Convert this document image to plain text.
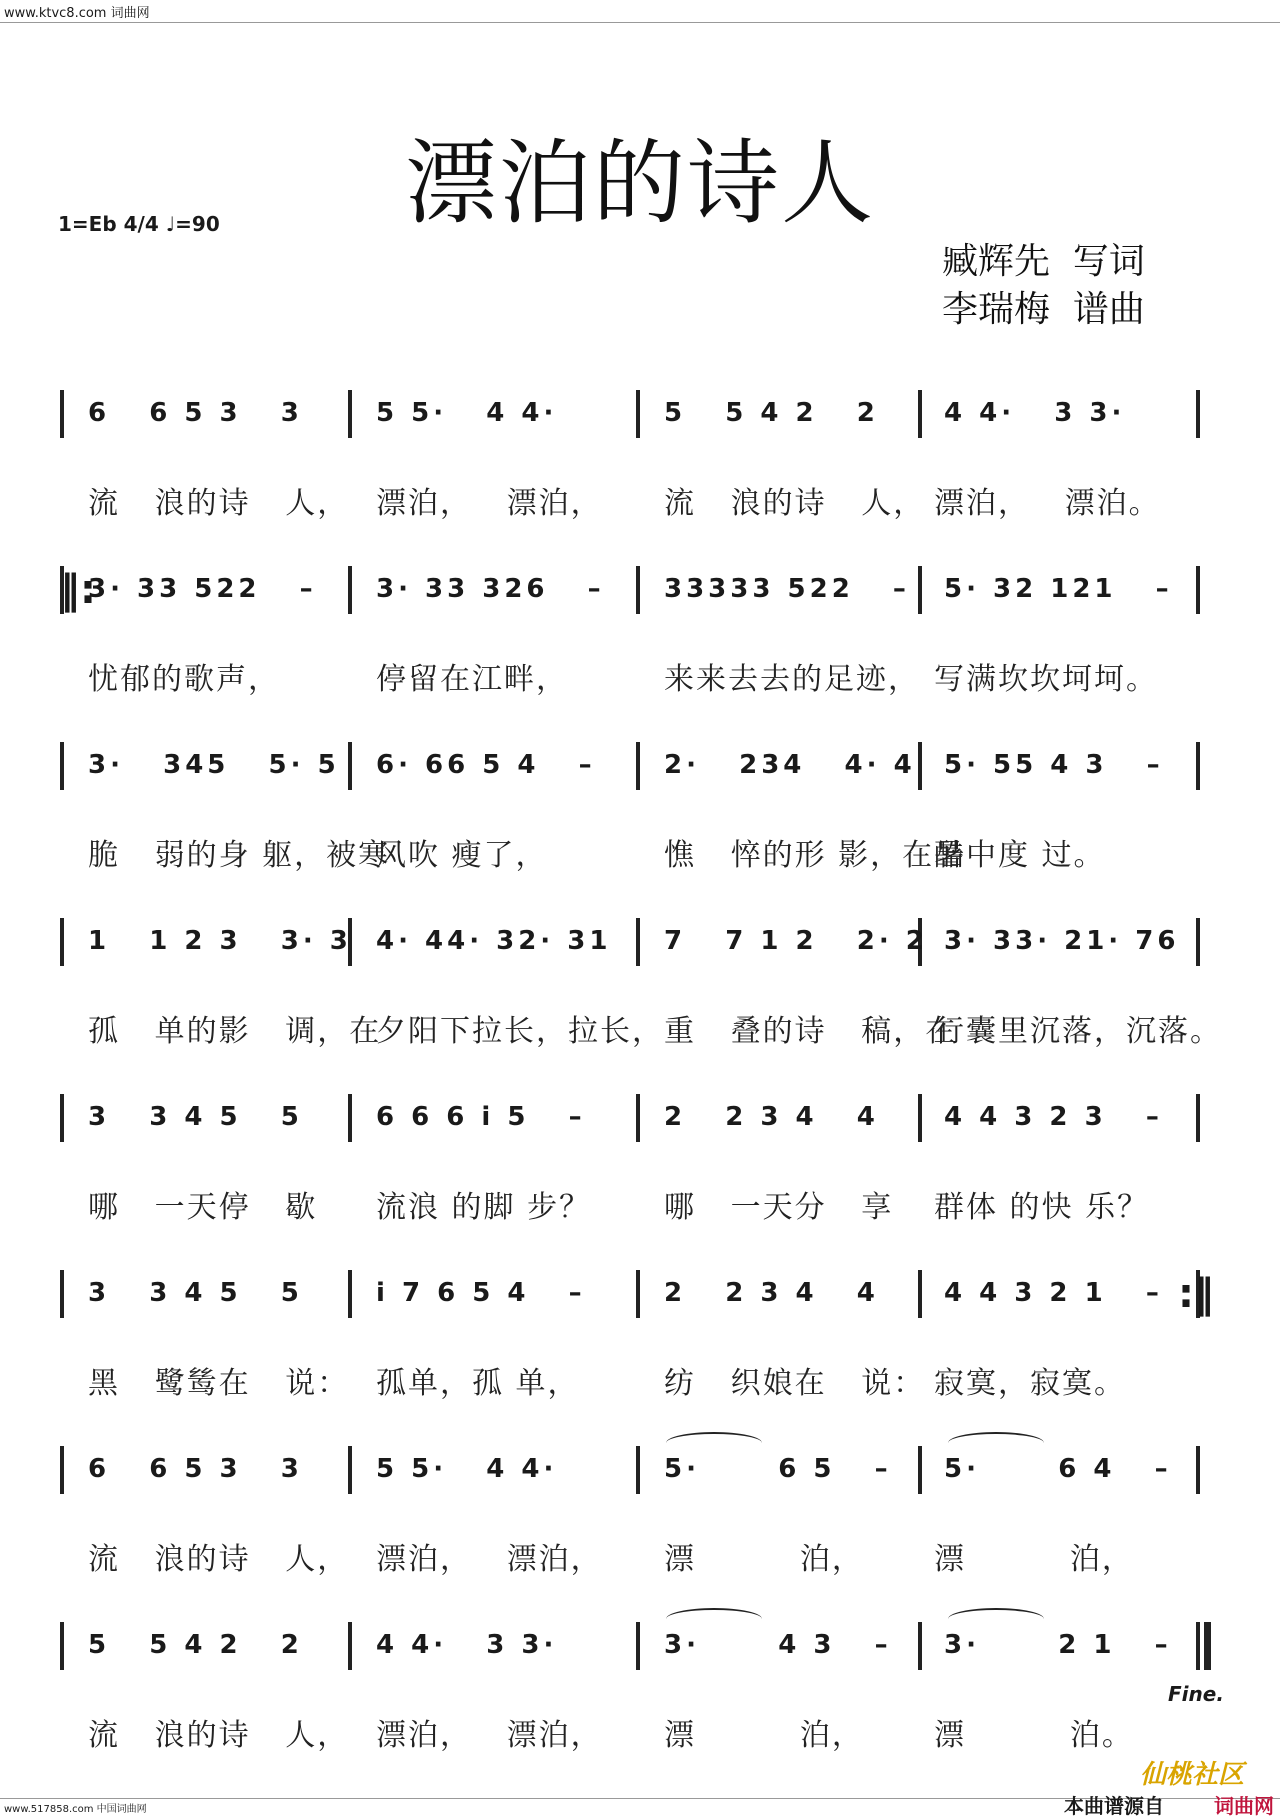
www.ktvc8.com 词曲网
漂泊的诗人
1=Eb 4/4 ♩=90
臧辉先  写词
李瑞梅  谱曲
6   6 5 3   3	5 5·   4 4·	5   5 4 2   2	4 4·   3 3·
流   浪的诗   人， 漂泊，   漂泊， 流   浪的诗   人， 漂泊，   漂泊。
‖:
3· 33 522   – 3· 33 326   – 33333 522   – 5· 32 121   –
忧郁的歌声，	停留在江畔，	来来去去的足迹， 写满坎坎坷坷。
3·   345   5· 5 6· 66 5 4   –	2·   234   4· 4 5· 55 4 3   –
脆   弱的身 躯，被寒
风吹 瘦了，	憔   悴的形 影，在酷
暑中度 过。
1   1 2 3   3· 3 4· 44· 32· 31 7   7 1 2   2· 2 3· 33· 21· 76
孤   单的影   调，在
夕阳下拉长，拉长， 重   叠的诗   稿，在
行囊里沉落，沉落。
3   3 4 5   5	6 6 6 i 5   –	2   2 3 4   4	4 4 3 2 3   –
哪   一天停   歇 流浪 的脚 步？ 哪   一天分   享 群体 的快 乐？
:‖
3   3 4 5   5	i 7 6 5 4   –	2   2 3 4   4	4 4 3 2 1   –
黑   鹭鸶在   说： 孤单，孤 单，	纺   织娘在   说： 寂寞，寂寞。
6   6 5 3   3	5 5·   4 4·	5·      6 5   – 5·      6 4   –
流   浪的诗   人， 漂泊，   漂泊， 漂         泊， 漂         泊，
5   5 4 2   2	4 4·   3 3·	3·      4 3   – 3·      2 1   –
流   浪的诗   人， 漂泊，   漂泊， 漂         泊， 漂         泊。
Fine.
www.517858.com 中国词曲网
仙桃社区
本曲谱源自	词曲网
